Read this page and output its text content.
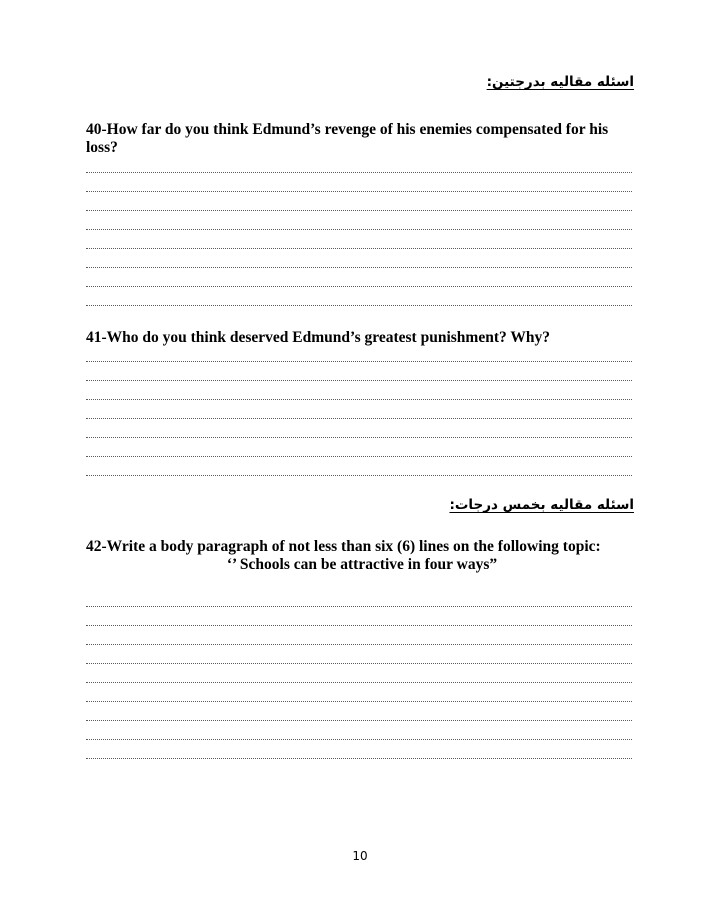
اسئله مقاليه بدرجتين:
40-How far do you think Edmund’s revenge of his enemies compensated for his loss?
41-Who do you think deserved Edmund’s greatest punishment? Why?
اسئله مقاليه بخمس درجات:
42-Write a body paragraph of not less than six (6) lines on the following topic:
‘’ Schools can be attractive in four ways”
10
